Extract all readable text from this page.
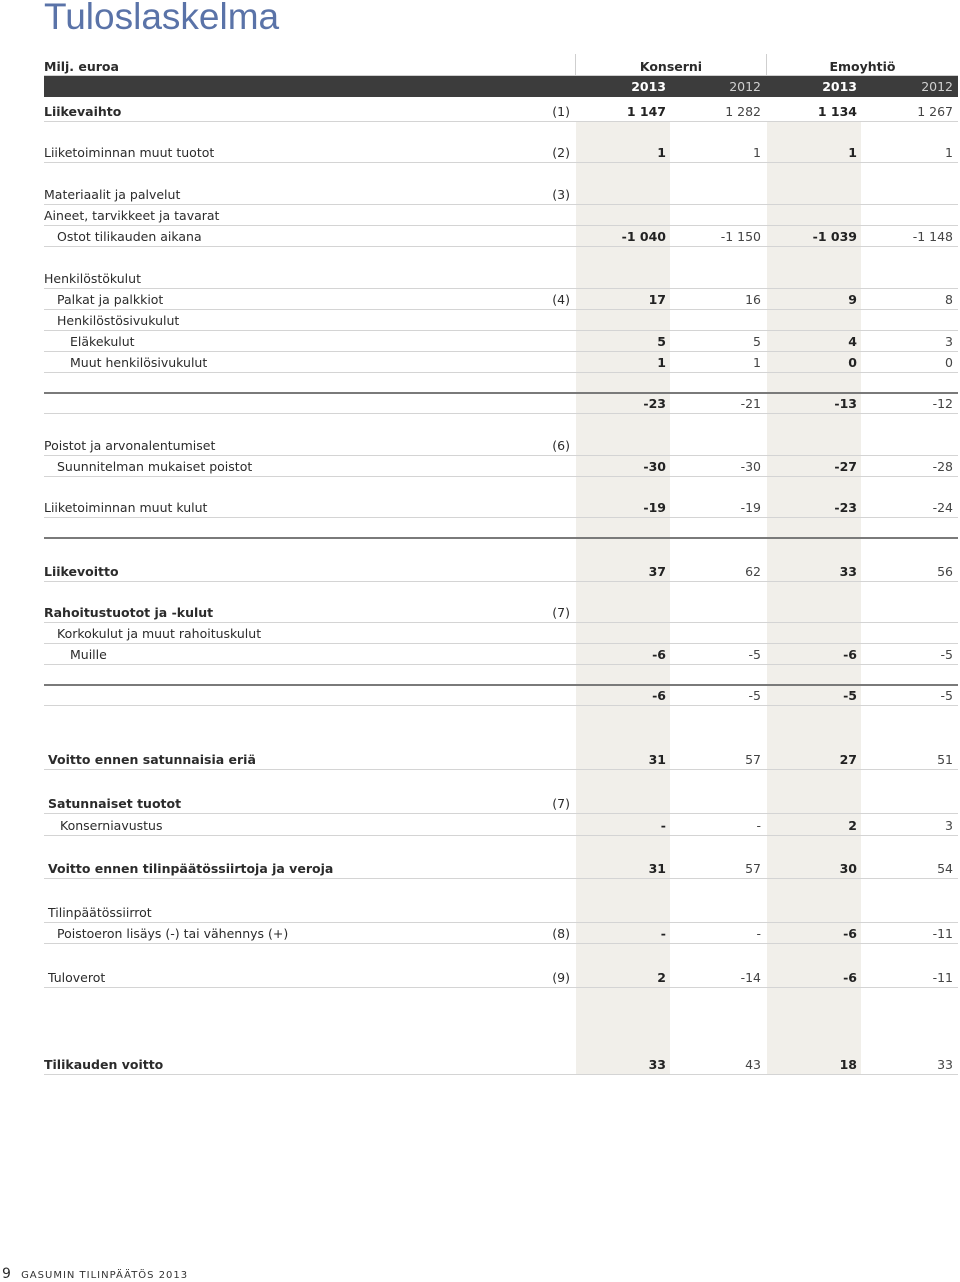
Tuloslaskelma
Milj. euroa	Konserni	Emoyhtiö
2013	2012	2013	2012
Liikevaihto	(1)	1 147	1 282	1 134	1 267
Liiketoiminnan muut tuotot	(2)	1	1	1	1
Materiaalit ja palvelut	(3)
Aineet, tarvikkeet ja tavarat
Ostot tilikauden aikana	-1 040	-1 150	-1 039	-1 148
Henkilöstökulut
Palkat ja palkkiot	(4)	17	16	9	8
Henkilöstösivukulut
Eläkekulut	5	5	4	3
Muut henkilösivukulut	1	1	0	0
-23	-21	-13	-12
Poistot ja arvonalentumiset	(6)
Suunnitelman mukaiset poistot	-30	-30	-27	-28
Liiketoiminnan muut kulut	-19	-19	-23	-24
Liikevoitto	37	62	33	56
Rahoitustuotot ja -kulut	(7)
Korkokulut ja muut rahoituskulut
Muille	-6	-5	-6	-5
-6	-5	-5	-5
Voitto ennen satunnaisia eriä	31	57	27	51
Satunnaiset tuotot	(7)
Konserniavustus	-	-	2	3
Voitto ennen tilinpäätössiirtoja ja veroja	31	57	30	54
Tilinpäätössiirrot
Poistoeron lisäys (-) tai vähennys (+)	(8)	-	-	-6	-11
Tuloverot	(9)	2	-14	-6	-11
Tilikauden voitto	33	43	18	33
9 GASUMIN TILINPÄÄTÖS 2013
